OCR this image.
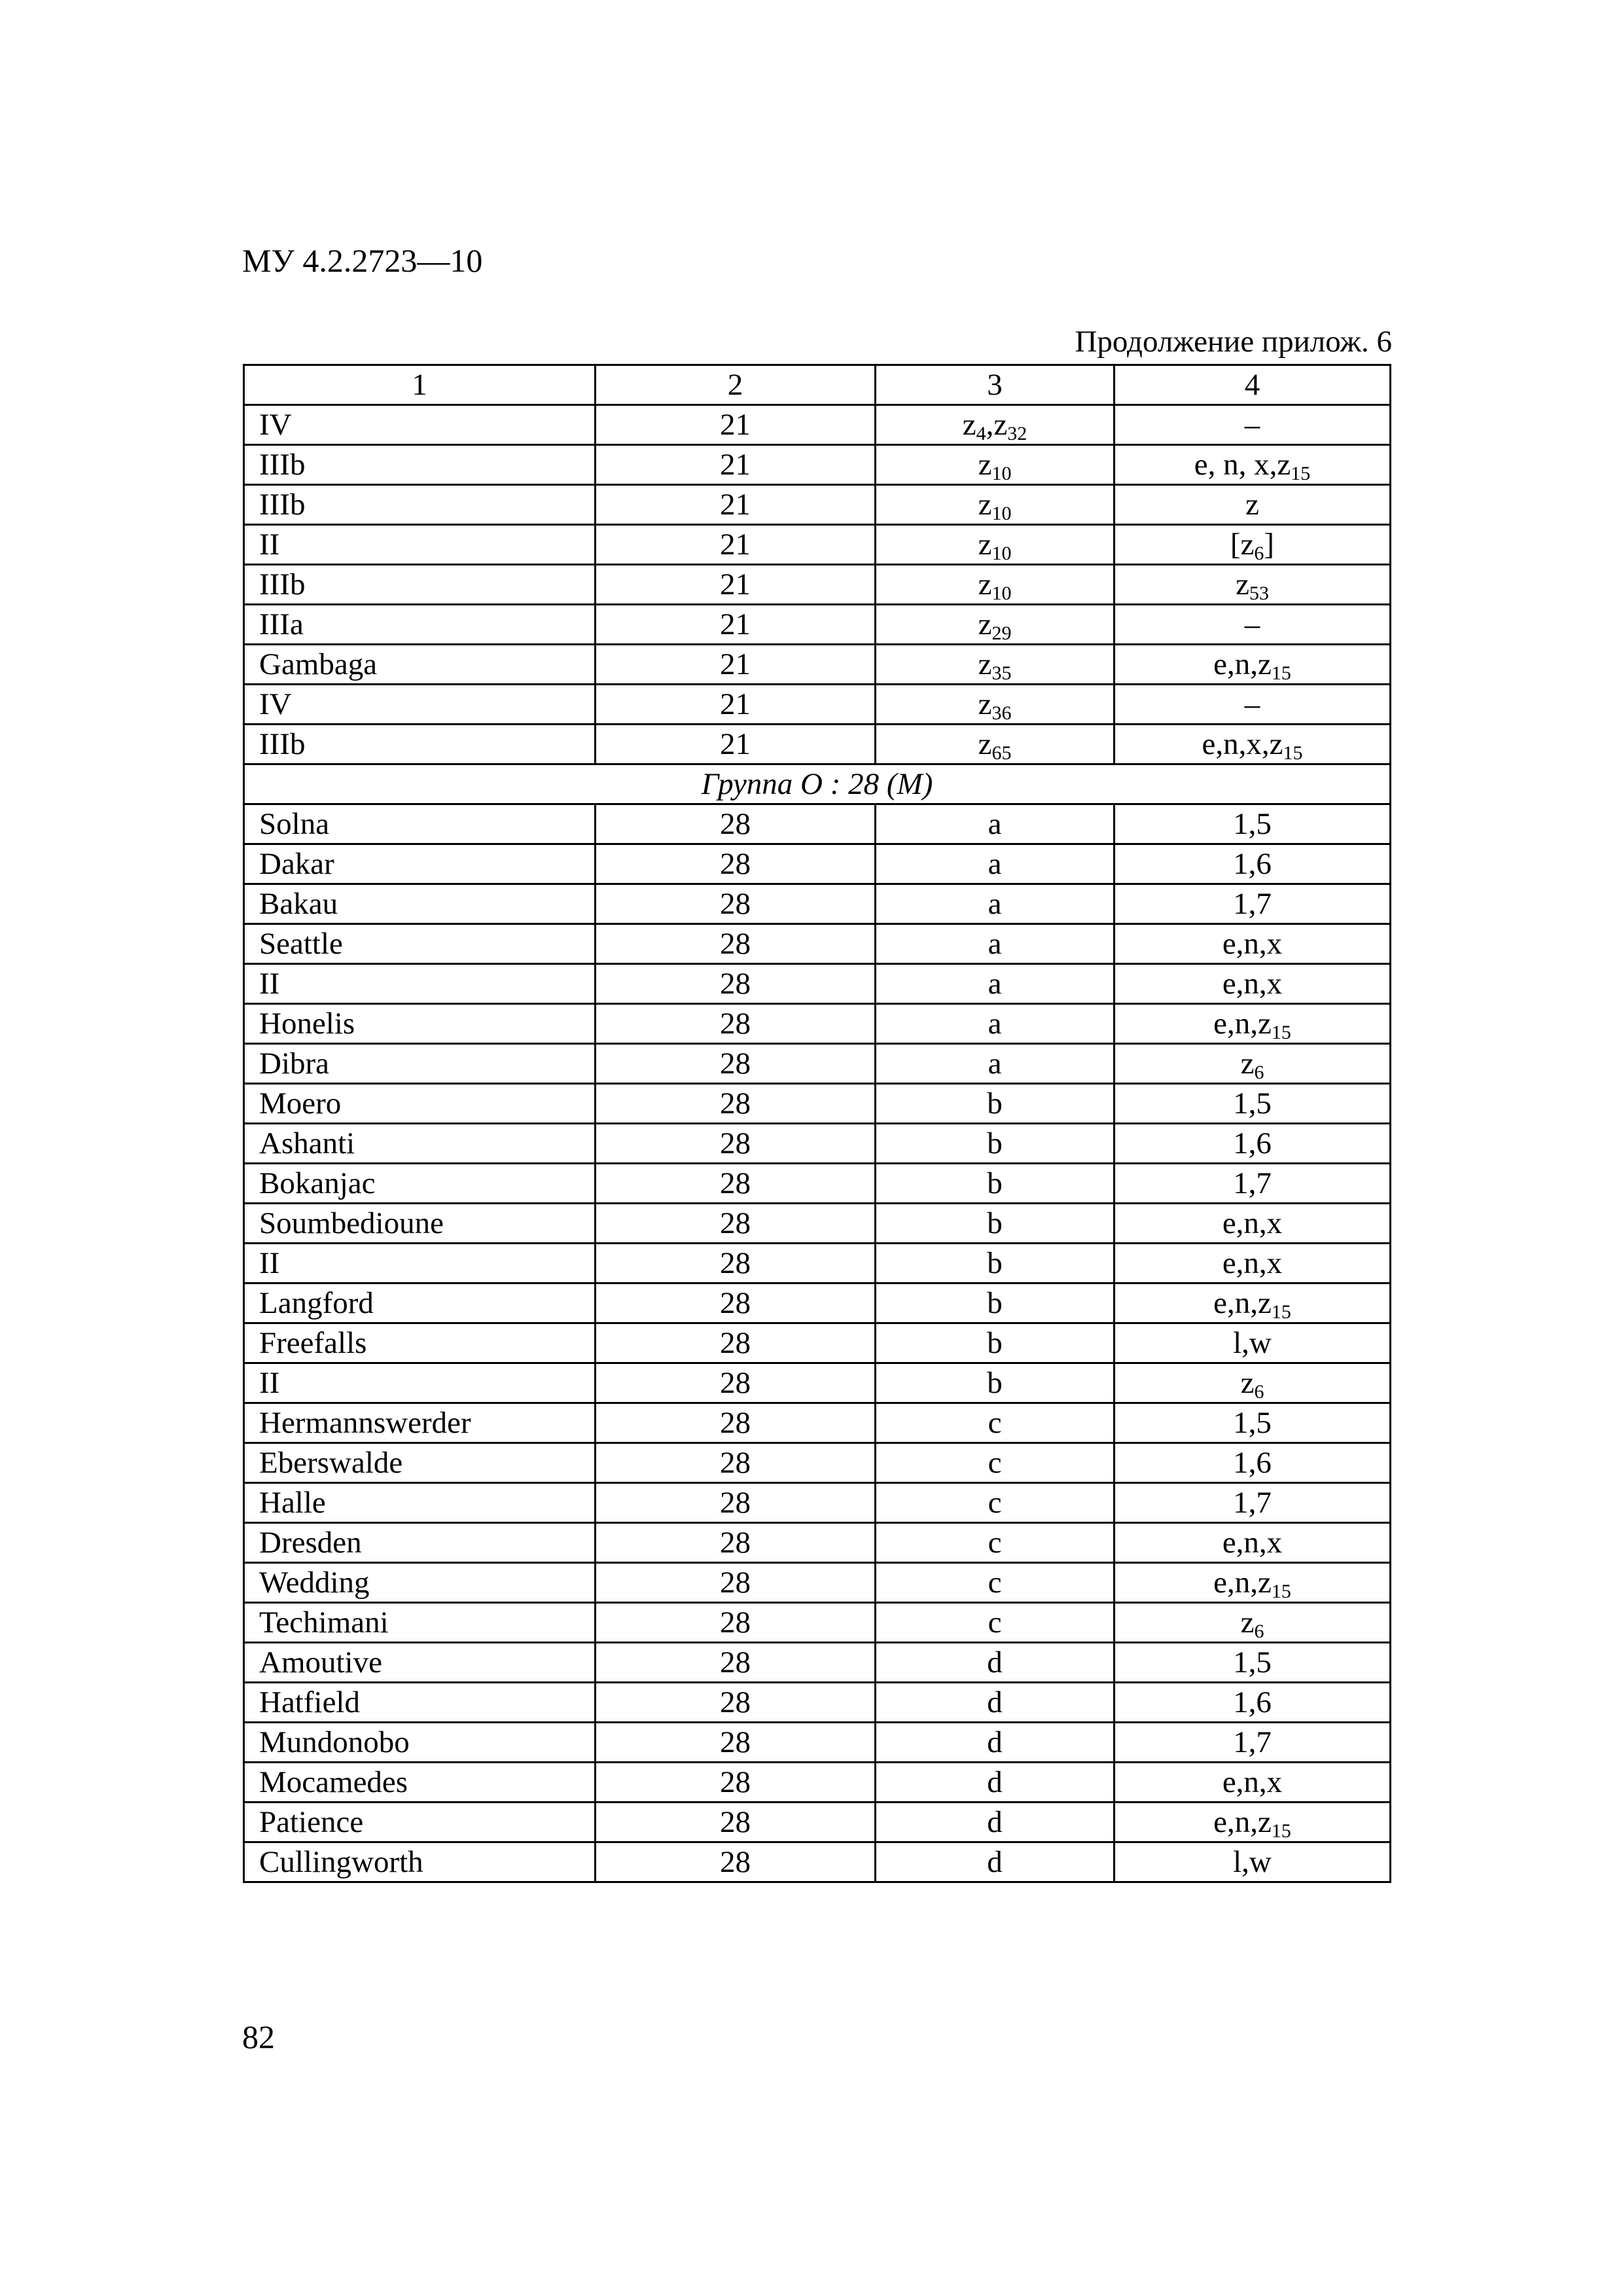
МУ 4.2.2723—10
Продолжение прилож. 6
1	2	3	4
IV	21	$z_4,z_{32}$	–
IIIb	21	$z_{10}$	e, n, $x,z_{15}$
IIIb	21	$z_{10}$	z
II	21	$z_{10}$	$[z_6]$
IIIb	21	$z_{10}$	$z_{53}$
IIIa	21	$z_{29}$	–
Gambaga	21	$z_{35}$	$e,n,z_{15}$
IV	21	$z_{36}$	–
IIIb	21	$z_{65}$	$e,n,x,z_{15}$
Группа О : 28 (M)			
Solna	28	a	1,5
Dakar	28	a	1,6
Bakau	28	a	1,7
Seattle	28	a	e,n,x
II	28	a	e,n,x
Honelis	28	a	$e,n,z_{15}$
Dibra	28	a	$z_6$
Moero	28	b	1,5
Ashanti	28	b	1,6
Bokanjac	28	b	1,7
Soumbedioune	28	b	e,n,x
II	28	b	e,n,x
Langford	28	b	$e,n,z_{15}$
Freefalls	28	b	l,w
II	28	b	$z_6$
Hermannswerder	28	c	1,5
Eberswalde	28	c	1,6
Halle	28	c	1,7
Dresden	28	c	e,n,x
Wedding	28	c	$e,n,z_{15}$
Techimani	28	c	$z_6$
Amoutive	28	d	1,5
Hatfield	28	d	1,6
Mundonobo	28	d	1,7
Mocamedes	28	d	e,n,x
Patience	28	d	$e,n,z_{15}$
Cullingworth	28	d	l,w
82
